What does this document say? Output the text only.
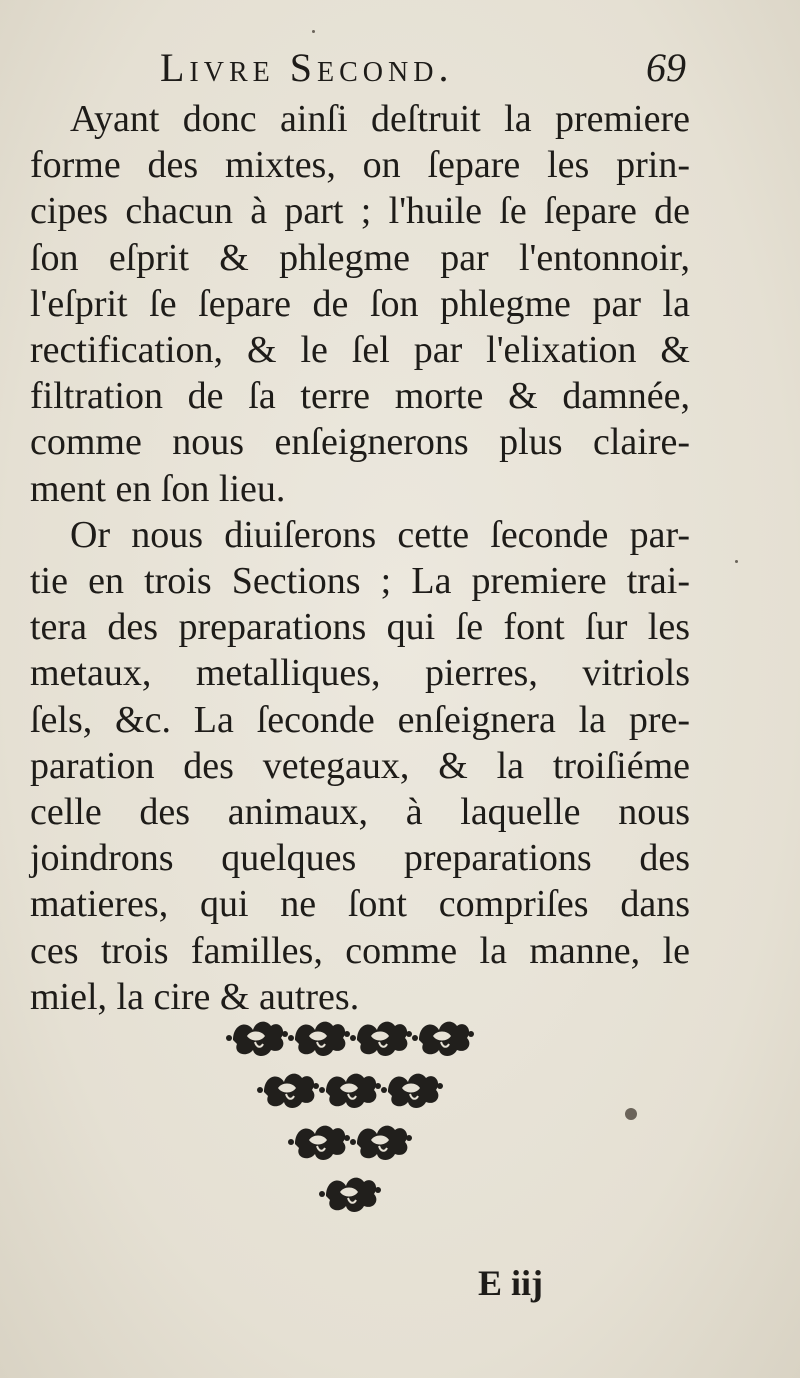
Livre Second.	69

Ayant donc ainſi deſtruit la premiere

forme des mixtes, on ſepare les prin-

cipes chacun à part ; l'huile ſe ſepare de

ſon eſprit & phlegme par l'entonnoir,

l'eſprit ſe ſepare de ſon phlegme par la

rectification, & le ſel par l'elixation &

filtration de ſa terre morte & damnée,

comme nous enſeignerons plus claire-

ment en ſon lieu.

Or nous diuiſerons cette ſeconde par-

tie en trois Sections ; La premiere trai-

tera des preparations qui ſe font ſur les

metaux, metalliques, pierres, vitriols

ſels, &c. La ſeconde enſeignera la pre-

paration des vetegaux, & la troiſiéme

celle des animaux, à laquelle nous

joindrons quelques preparations des

matieres, qui ne ſont compriſes dans

ces trois familles, comme la manne, le

miel, la cire & autres.

E iij
